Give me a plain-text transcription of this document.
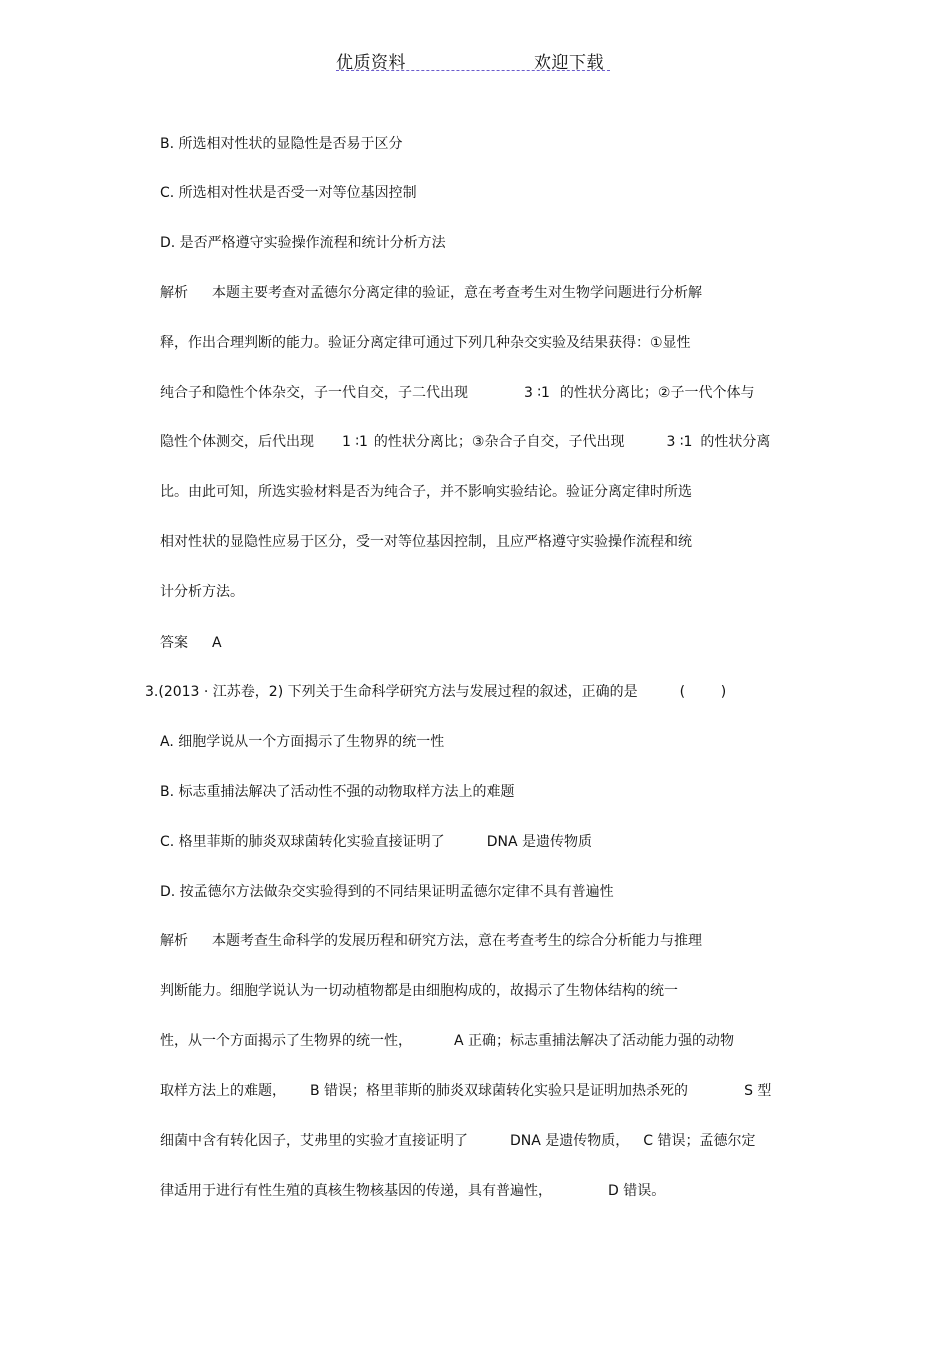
优质资料	欢迎下载
B. 所选相对性状的显隐性是否易于区分
C. 所选相对性状是否受一对等位基因控制
D. 是否严格遵守实验操作流程和统计分析方法
解析 本题主要考查对孟德尔分离定律的验证，意在考查考生对生物学问题进行分析解
释，作出合理判断的能力。验证分离定律可通过下列几种杂交实验及结果获得：①显性
纯合子和隐性个体杂交，子一代自交，子二代出现	3 ∶1 的性状分离比；②子一代个体与
隐性个体测交，后代出现 1 ∶1 的性状分离比；③杂合子自交，子代出现	3 ∶1 的性状分离
比。由此可知，所选实验材料是否为纯合子，并不影响实验结论。验证分离定律时所选
相对性状的显隐性应易于区分，受一对等位基因控制，且应严格遵守实验操作流程和统
计分析方法。
答案 A
3.(2013 · 江苏卷，2) 下列关于生命科学研究方法与发展过程的叙述，正确的是	(        )
A. 细胞学说从一个方面揭示了生物界的统一性
B. 标志重捕法解决了活动性不强的动物取样方法上的难题
C. 格里菲斯的肺炎双球菌转化实验直接证明了	DNA 是遗传物质
D. 按孟德尔方法做杂交实验得到的不同结果证明孟德尔定律不具有普遍性
解析 本题考查生命科学的发展历程和研究方法，意在考查考生的综合分析能力与推理
判断能力。细胞学说认为一切动植物都是由细胞构成的，故揭示了生物体结构的统一
性，从一个方面揭示了生物界的统一性，	A 正确；标志重捕法解决了活动能力强的动物
取样方法上的难题， B 错误；格里菲斯的肺炎双球菌转化实验只是证明加热杀死的	S 型
细菌中含有转化因子，艾弗里的实验才直接证明了	DNA 是遗传物质， C 错误；孟德尔定
律适用于进行有性生殖的真核生物核基因的传递，具有普遍性，	D 错误。
